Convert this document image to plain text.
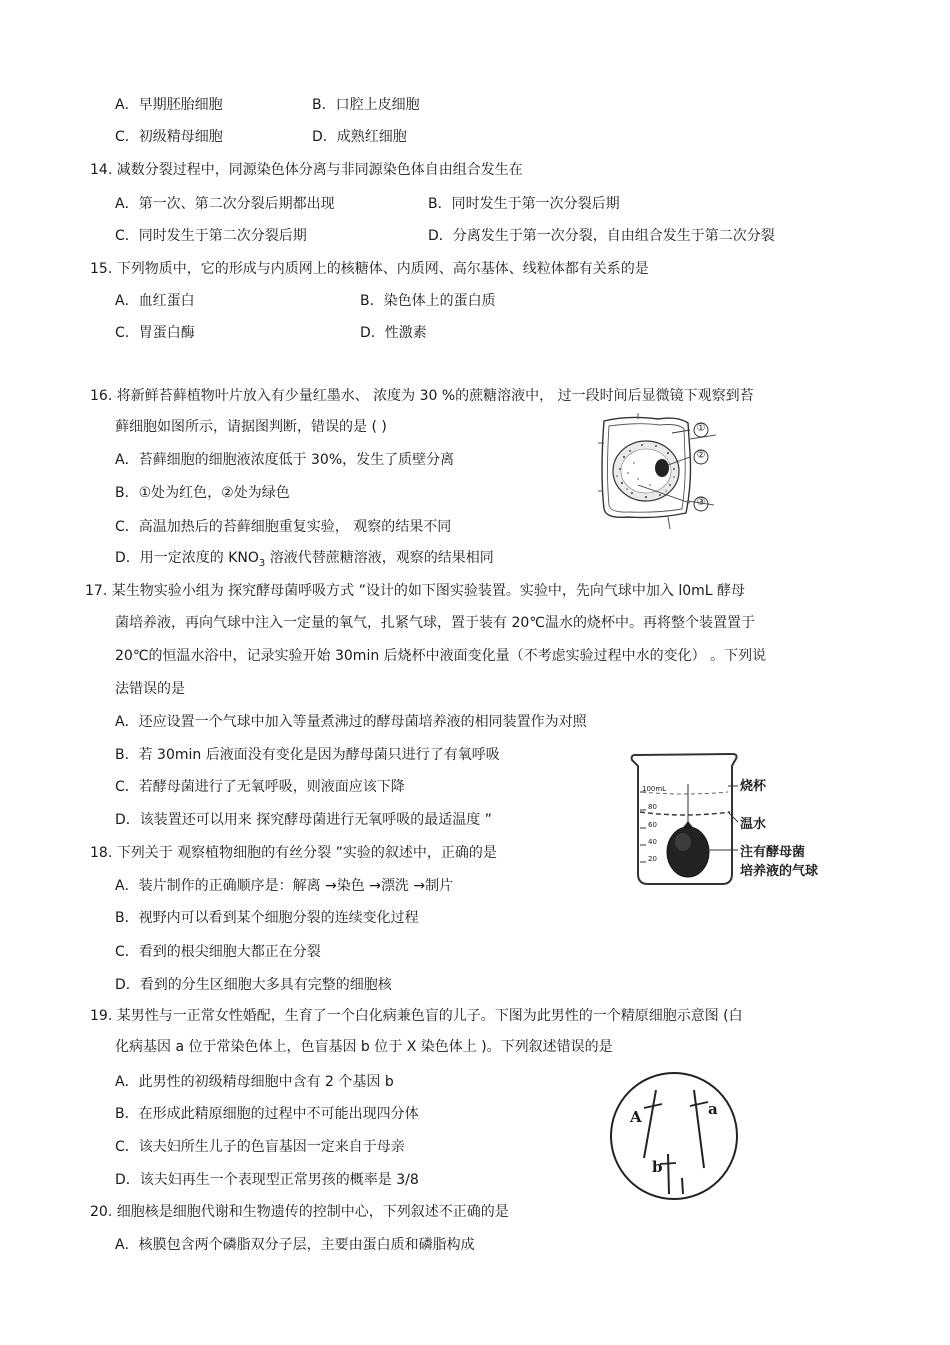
A．早期胚胎细胞	B．口腔上皮细胞
C．初级精母细胞	D．成熟红细胞
14. 减数分裂过程中，同源染色体分离与非同源染色体自由组合发生在
A．第一次、第二次分裂后期都出现	B．同时发生于第一次分裂后期
C．同时发生于第二次分裂后期	D．分离发生于第一次分裂，自由组合发生于第二次分裂
15. 下列物质中，它的形成与内质网上的核糖体、内质网、高尔基体、线粒体都有关系的是
A．血红蛋白	B．染色体上的蛋白质
C．胃蛋白酶	D．性激素
16. 将新鲜苔藓植物叶片放入有少量红墨水、 浓度为 30 %的蔗糖溶液中， 过一段时间后显微镜下观察到苔
藓细胞如图所示，请据图判断，错误的是 ( )
A．苔藓细胞的细胞液浓度低于 30%，发生了质壁分离
B．①处为红色，②处为绿色
C．高温加热后的苔藓细胞重复实验， 观察的结果不同
D．用一定浓度的 $KNO_3$ 溶液代替蔗糖溶液，观察的结果相同
①
②
③
17. 某生物实验小组为 探究酵母菌呼吸方式 ”设计的如下图实验装置。实验中，先向气球中加入 l0mL 酵母
菌培养液，再向气球中注入一定量的氧气，扎紧气球，置于装有 20℃温水的烧杯中。再将整个装置置于
20℃的恒温水浴中，记录实验开始 30min 后烧杯中液面变化量（不考虑实验过程中水的变化） 。下列说
法错误的是
A．还应设置一个气球中加入等量煮沸过的酵母菌培养液的相同装置作为对照
B．若 30min 后液面没有变化是因为酵母菌只进行了有氧呼吸
C．若酵母菌进行了无氧呼吸，则液面应该下降
D．该装置还可以用来 探究酵母菌进行无氧呼吸的最适温度 ”
100mL
80
60
40
20
烧杯
温水
注有酵母菌
培养液的气球
18. 下列关于 观察植物细胞的有丝分裂 ”实验的叙述中，正确的是
A．装片制作的正确顺序是：解离 →染色 →漂洗 →制片
B．视野内可以看到某个细胞分裂的连续变化过程
C．看到的根尖细胞大都正在分裂
D．看到的分生区细胞大多具有完整的细胞核
19. 某男性与一正常女性婚配，生育了一个白化病兼色盲的儿子。下图为此男性的一个精原细胞示意图 (白
化病基因 a 位于常染色体上，色盲基因 b 位于 X 染色体上 )。下列叙述错误的是
A．此男性的初级精母细胞中含有 2 个基因 b
B．在形成此精原细胞的过程中不可能出现四分体
C．该夫妇所生儿子的色盲基因一定来自于母亲
D．该夫妇再生一个表现型正常男孩的概率是 3/8
A	a
b
20. 细胞核是细胞代谢和生物遗传的控制中心，下列叙述不正确的是
A．核膜包含两个磷脂双分子层，主要由蛋白质和磷脂构成
